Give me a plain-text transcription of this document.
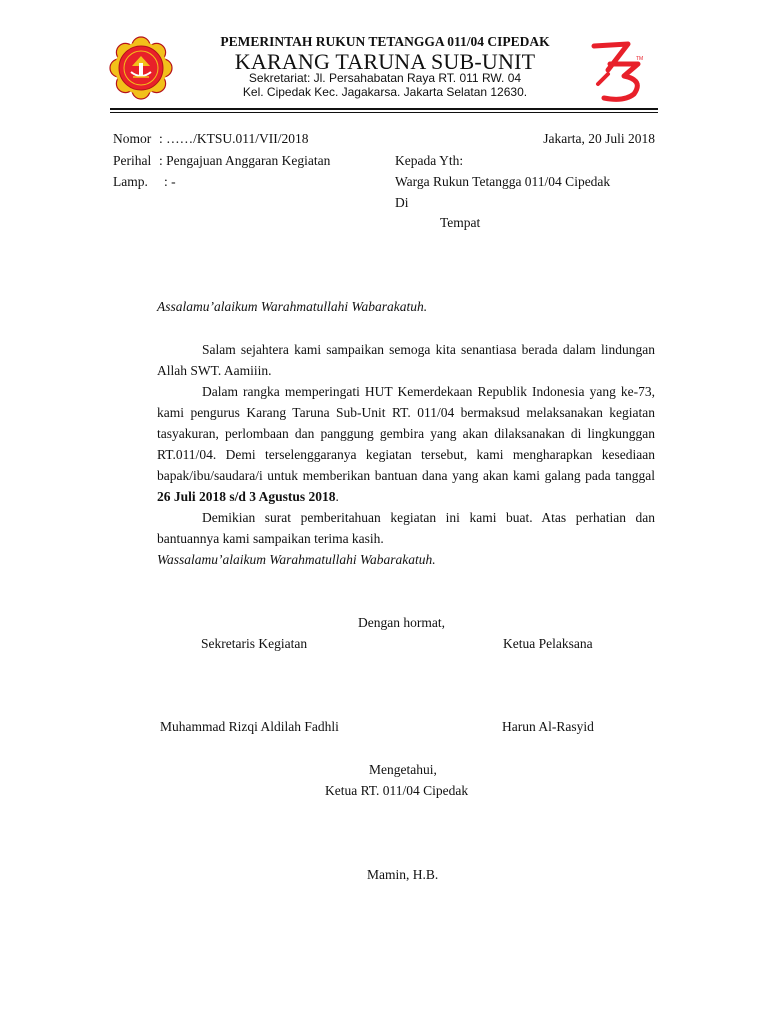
TM
PEMERINTAH RUKUN TETANGGA 011/04 CIPEDAK
KARANG TARUNA SUB-UNIT
Sekretariat: Jl. Persahabatan Raya RT. 011 RW. 04
Kel. Cipedak Kec. Jagakarsa. Jakarta Selatan 12630.
Nomor : ……/KTSU.011/VII/2018	Jakarta, 20 Juli 2018
Perihal : Pengajuan Anggaran Kegiatan	Kepada Yth:
Lamp. : -	Warga Rukun Tetangga 011/04 Cipedak
Di
Tempat
Assalamu’alaikum Warahmatullahi Wabarakatuh.

Salam sejahtera kami sampaikan semoga kita senantiasa berada dalam lindungan Allah SWT. Aamiiin.

Dalam rangka memperingati HUT Kemerdekaan Republik Indonesia yang ke-73, kami pengurus Karang Taruna Sub-Unit RT. 011/04 bermaksud melaksanakan kegiatan tasyakuran, perlombaan dan panggung gembira yang akan dilaksanakan di lingkunggan RT.011/04. Demi terselenggaranya kegiatan tersebut, kami mengharapkan kesediaan bapak/ibu/saudara/i untuk memberikan bantuan dana yang akan kami galang pada tanggal 26 Juli 2018 s/d 3 Agustus 2018.

Demikian surat pemberitahuan kegiatan ini kami buat. Atas perhatian dan bantuannya kami sampaikan terima kasih.

Wassalamu’alaikum Warahmatullahi Wabarakatuh.

Dengan hormat,
Sekretaris Kegiatan	Ketua Pelaksana
Muhammad Rizqi Aldilah Fadhli	Harun Al-Rasyid
Mengetahui,
Ketua RT. 011/04 Cipedak
Mamin, H.B.
